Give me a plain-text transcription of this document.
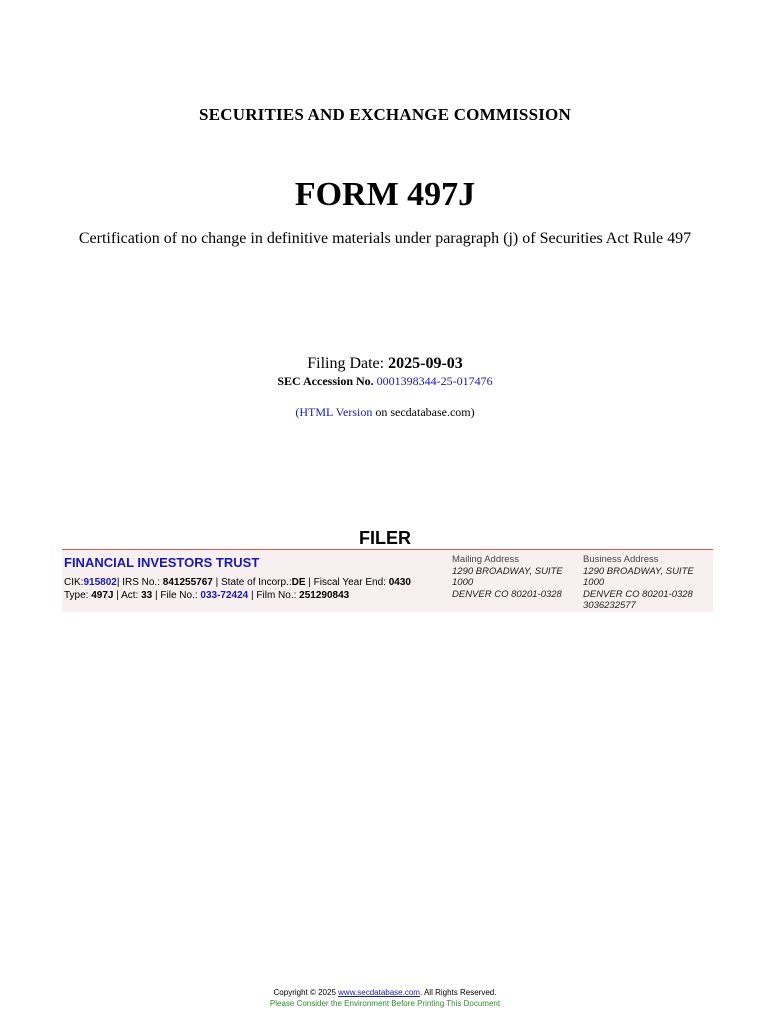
SECURITIES AND EXCHANGE COMMISSION
FORM 497J
Certification of no change in definitive materials under paragraph (j) of Securities Act Rule 497
Filing Date: 2025-09-03
SEC Accession No. 0001398344-25-017476
(HTML Version on secdatabase.com)
FILER
FINANCIAL INVESTORS TRUST
CIK:915802| IRS No.: 841255767 | State of Incorp.:DE | Fiscal Year End: 0430
Type: 497J | Act: 33 | File No.: 033-72424 | Film No.: 251290843
Mailing Address
1290 BROADWAY, SUITE
1000
DENVER CO 80201-0328
Business Address
1290 BROADWAY, SUITE
1000
DENVER CO 80201-0328
3036232577
Copyright © 2025 www.secdatabase.com. All Rights Reserved.
Please Consider the Environment Before Printing This Document
